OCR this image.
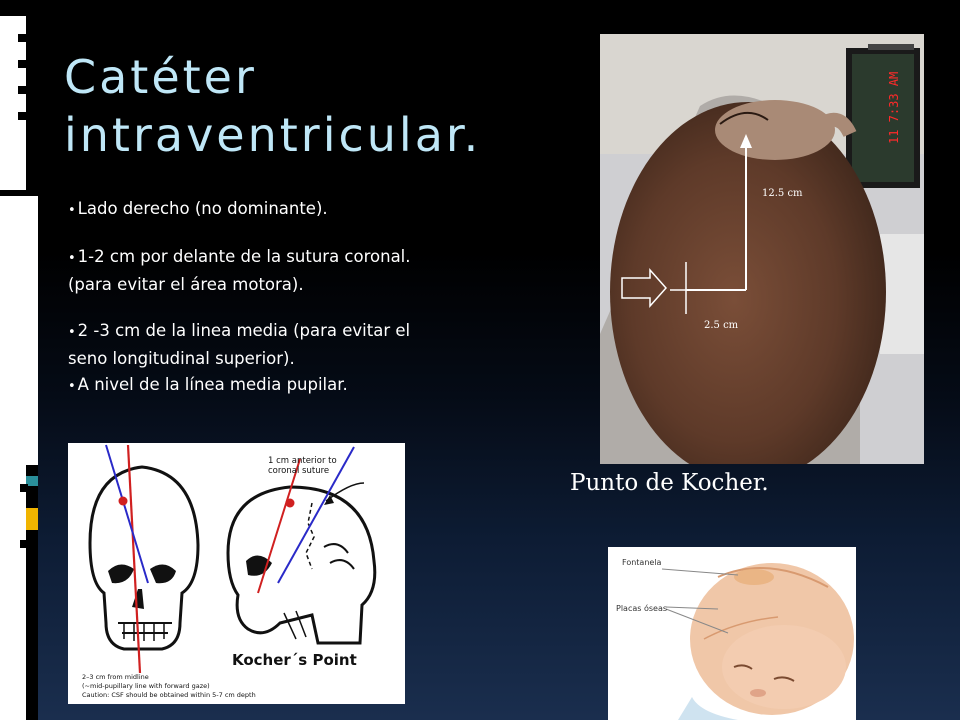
Catéter
intraventricular.

• Lado derecho (no dominante).

• 1-2 cm por delante de la sutura coronal.

(para evitar el área motora).

• 2 -3 cm de la linea media (para evitar el

seno longitudinal superior).

• A nivel de la línea media pupilar.

11 7:33 AM
12.5 cm
2.5 cm
Punto de Kocher.
1 cm anterior to
coronal suture
Kocher´s Point
2–3 cm from midline
(~mid-pupillary line with forward gaze)
Caution: CSF should be obtained within 5-7 cm depth
Fontanela
Placas óseas
